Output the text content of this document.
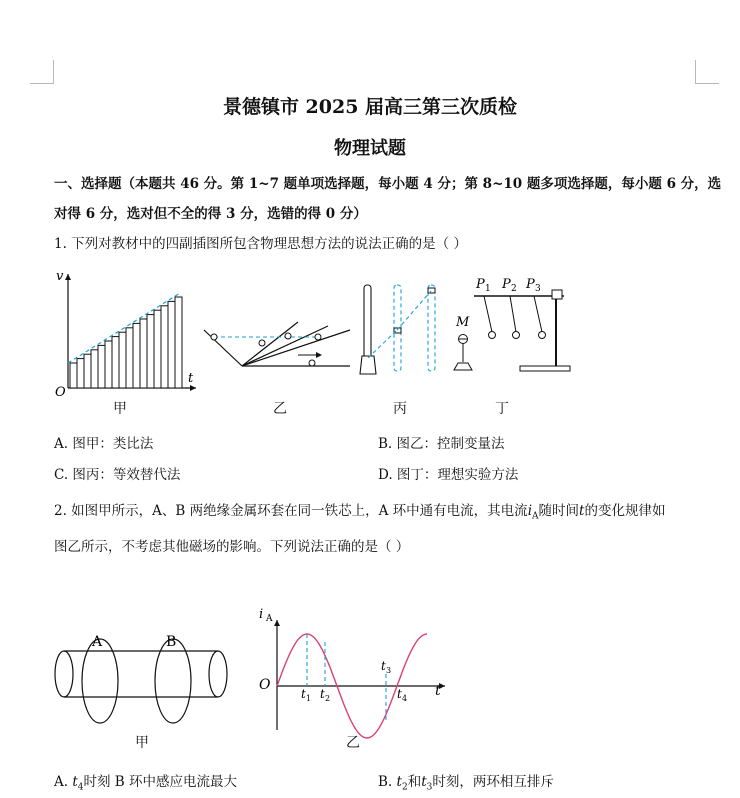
景德镇市 2025 届高三第三次质检
物理试题
一、选择题（本题共 46 分。第 1~7 题单项选择题，每小题 4 分；第 8~10 题多项选择题，每小题 6 分，选
对得 6 分，选对但不全的得 3 分，选错的得 0 分）
1. 下列对教材中的四副插图所包含物理思想方法的说法正确的是（ ）
v
t
O
甲	乙	丙
P 1 P 2 P 3
M
丁
A. 图甲：类比法	B. 图乙：控制变量法
C. 图丙：等效替代法	D. 图丁：理想实验方法
2. 如图甲所示，A、B 两绝缘金属环套在同一铁芯上，A 环中通有电流，其电流$i_A$随时间t的变化规律如
图乙所示，不考虑其他磁场的影响。下列说法正确的是（ ）
A	B
甲
i A
O	t
t 1 t 2
t 3
t 4
乙
A. $t_4$时刻 B 环中感应电流最大	B. $t_2$和$t_3$时刻，两环相互排斥
